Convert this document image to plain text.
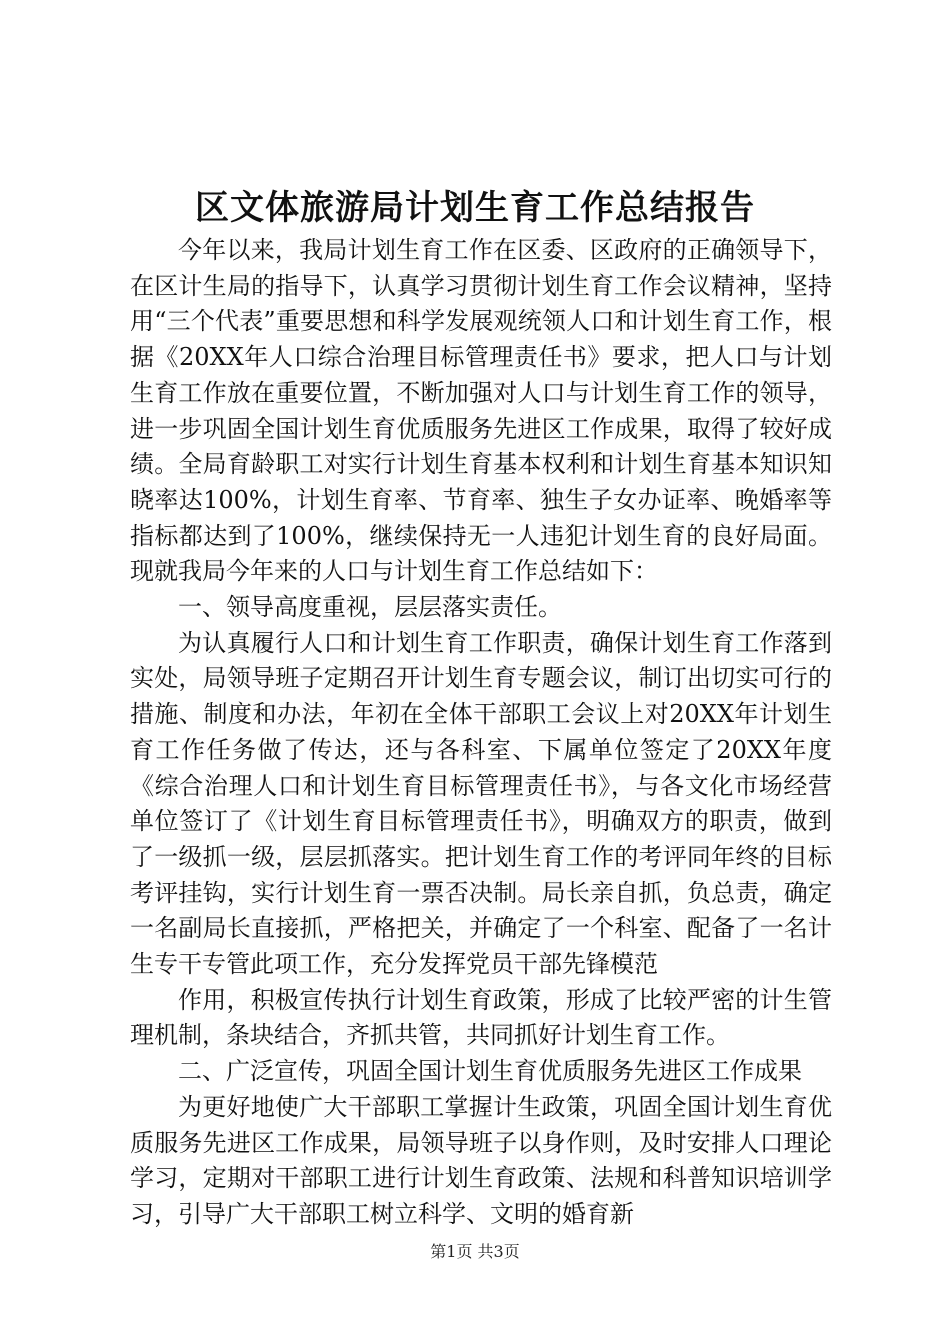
区文体旅游局计划生育工作总结报告

今年以来，我局计划生育工作在区委、区政府的正确领导下，在区计生局的指导下，认真学习贯彻计划生育工作会议精神，坚持用“三个代表”重要思想和科学发展观统领人口和计划生育工作，根据《20XX年人口综合治理目标管理责任书》要求，把人口与计划生育工作放在重要位置，不断加强对人口与计划生育工作的领导，进一步巩固全国计划生育优质服务先进区工作成果，取得了较好成绩。全局育龄职工对实行计划生育基本权利和计划生育基本知识知晓率达100%，计划生育率、节育率、独生子女办证率、晚婚率等指标都达到了100%，继续保持无一人违犯计划生育的良好局面。现就我局今年来的人口与计划生育工作总结如下：

一、领导高度重视，层层落实责任。

为认真履行人口和计划生育工作职责，确保计划生育工作落到实处，局领导班子定期召开计划生育专题会议，制订出切实可行的措施、制度和办法，年初在全体干部职工会议上对20XX年计划生育工作任务做了传达，还与各科室、下属单位签定了20XX年度《综合治理人口和计划生育目标管理责任书》，与各文化市场经营单位签订了《计划生育目标管理责任书》，明确双方的职责，做到了一级抓一级，层层抓落实。把计划生育工作的考评同年终的目标考评挂钩，实行计划生育一票否决制。局长亲自抓，负总责，确定一名副局长直接抓，严格把关，并确定了一个科室、配备了一名计生专干专管此项工作，充分发挥党员干部先锋模范

作用，积极宣传执行计划生育政策，形成了比较严密的计生管理机制，条块结合，齐抓共管，共同抓好计划生育工作。

二、广泛宣传，巩固全国计划生育优质服务先进区工作成果

为更好地使广大干部职工掌握计生政策，巩固全国计划生育优质服务先进区工作成果，局领导班子以身作则，及时安排人口理论学习，定期对干部职工进行计划生育政策、法规和科普知识培训学习，引导广大干部职工树立科学、文明的婚育新

第1页 共3页
